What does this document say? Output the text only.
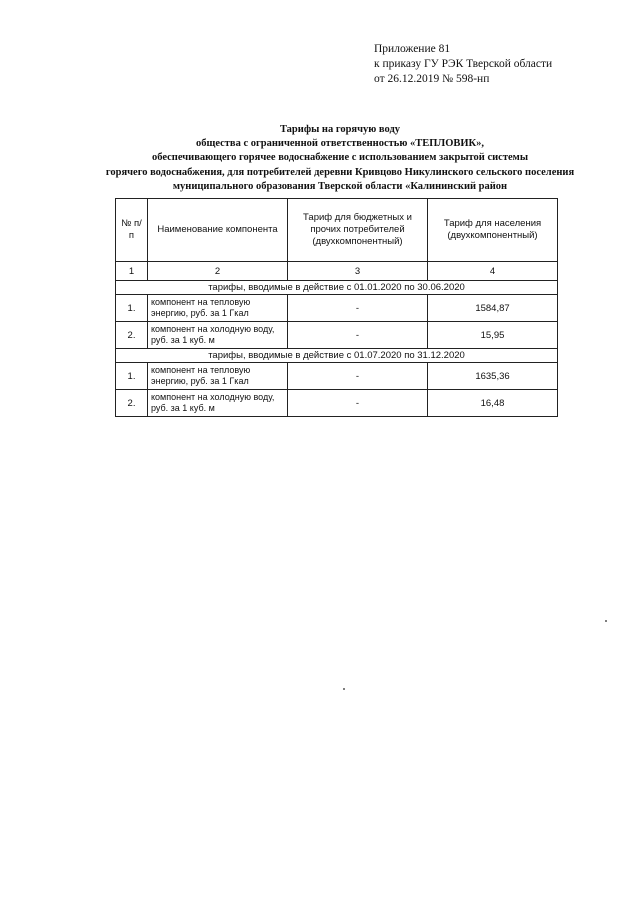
Приложение 81
к приказу ГУ РЭК Тверской области
от 26.12.2019 № 598-нп
Тарифы на горячую воду
общества с ограниченной ответственностью «ТЕПЛОВИК»,
обеспечивающего горячее водоснабжение с использованием закрытой системы
горячего водоснабжения, для потребителей деревни Кривцово Никулинского сельского поселения
муниципального образования Тверской области «Калининский район
№ п/п	Наименование компонента	Тариф для бюджетных и прочих потребителей (двухкомпонентный)	Тариф для населения (двухкомпонентный)
1	2	3	4
тарифы, вводимые в действие с 01.01.2020 по 30.06.2020			
1.	компонент на тепловую энергию, руб. за 1 Гкал	-	1584,87
2.	компонент на холодную воду, руб. за 1 куб. м	-	15,95
тарифы, вводимые в действие с 01.07.2020 по 31.12.2020			
1.	компонент на тепловую энергию, руб. за 1 Гкал	-	1635,36
2.	компонент на холодную воду, руб. за 1 куб. м	-	16,48
